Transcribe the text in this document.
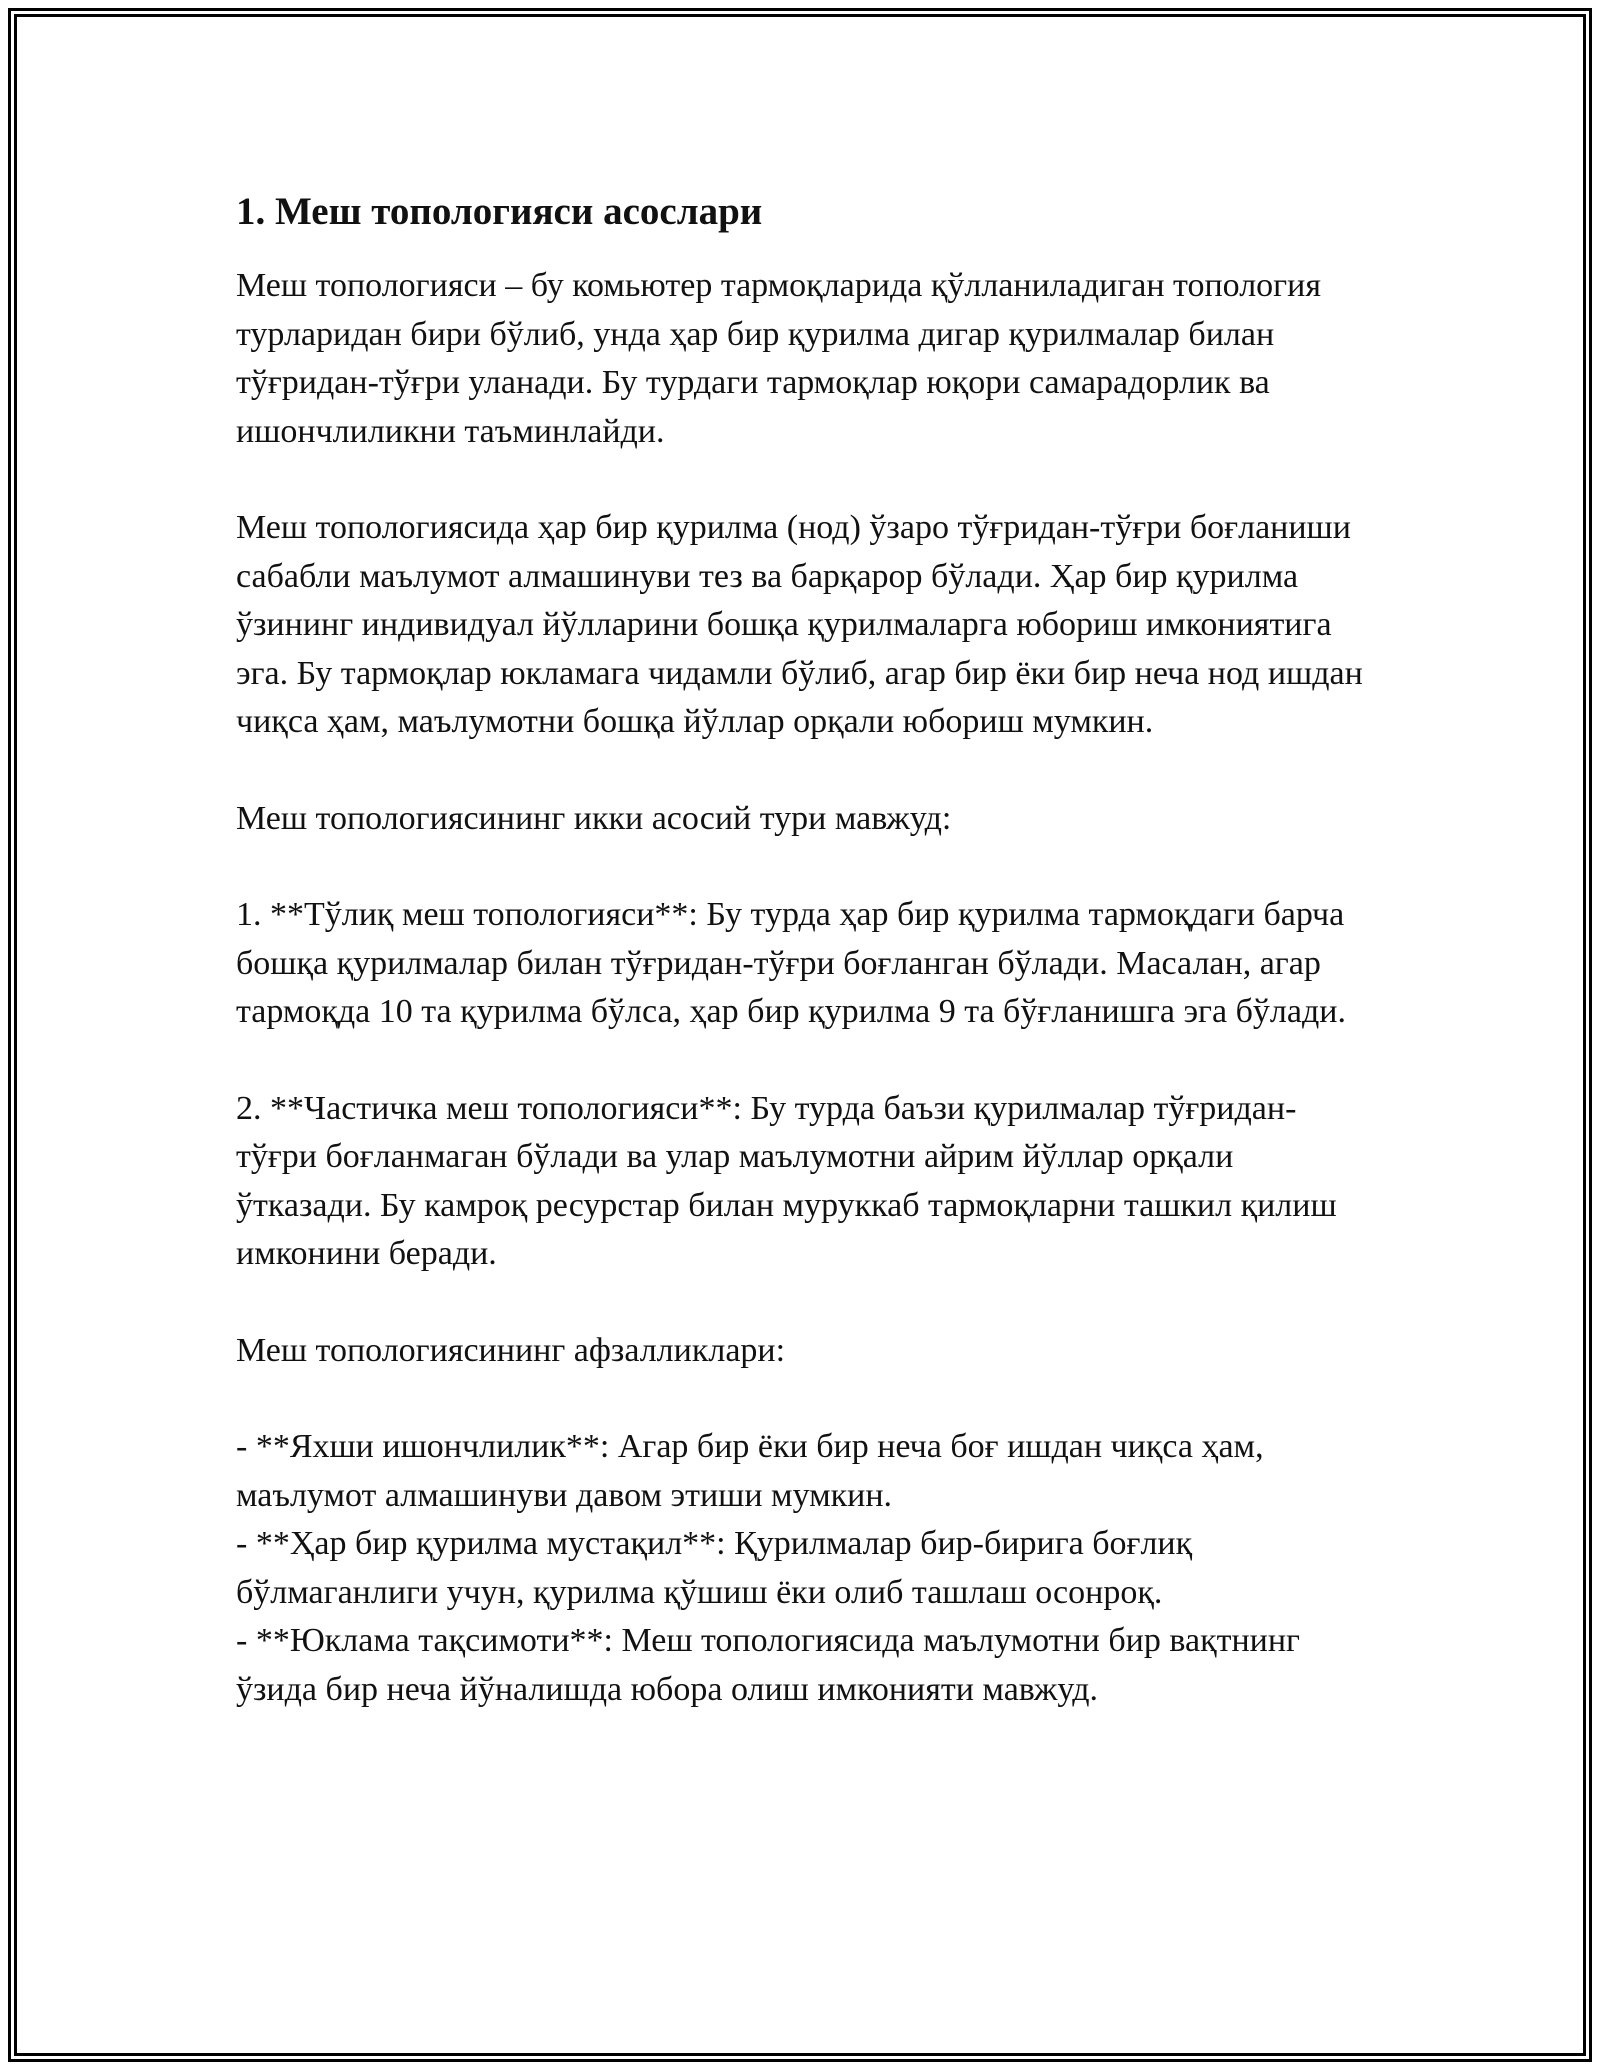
1. Меш топологияси асослари

Меш топологияси – бу комьютер тармоқларида қўлланиладиган топология турларидан бири бўлиб, унда ҳар бир қурилма дигар қурилмалар билан тўғридан-тўғри уланади. Бу турдаги тармоқлар юқори самарадорлик ва ишончлиликни таъминлайди.

Меш топологиясида ҳар бир қурилма (нод) ўзаро тўғридан-тўғри боғланиши сабабли маълумот алмашинуви тез ва барқарор бўлади. Ҳар бир қурилма ўзининг индивидуал йўлларини бошқа қурилмаларга юбориш имкониятига эга. Бу тармоқлар юкламага чидамли бўлиб, агар бир ёки бир неча нод ишдан чиқса ҳам, маълумотни бошқа йўллар орқали юбориш мумкин.

Меш топологиясининг икки асосий тури мавжуд:

1. **Тўлиқ меш топологияси**: Бу турда ҳар бир қурилма тармоқдаги барча бошқа қурилмалар билан тўғридан-тўғри боғланган бўлади. Масалан, агар тармоқда 10 та қурилма бўлса, ҳар бир қурилма 9 та бўғланишга эга бўлади.

2. **Частичка меш топологияси**: Бу турда баъзи қурилмалар тўғридан-тўғри боғланмаган бўлади ва улар маълумотни айрим йўллар орқали ўтказади. Бу камроқ ресурстар билан муруккаб тармоқларни ташкил қилиш имконини беради.

Меш топологиясининг афзалликлари:

- **Яхши ишончлилик**: Агар бир ёки бир неча боғ ишдан чиқса ҳам, маълумот алмашинуви давом этиши мумкин.
- **Ҳар бир қурилма мустақил**: Қурилмалар бир-бирига боғлиқ бўлмаганлиги учун, қурилма қўшиш ёки олиб ташлаш осонроқ.
- **Юклама тақсимоти**: Меш топологиясида маълумотни бир вақтнинг ўзида бир неча йўналишда юбора олиш имконияти мавжуд.
